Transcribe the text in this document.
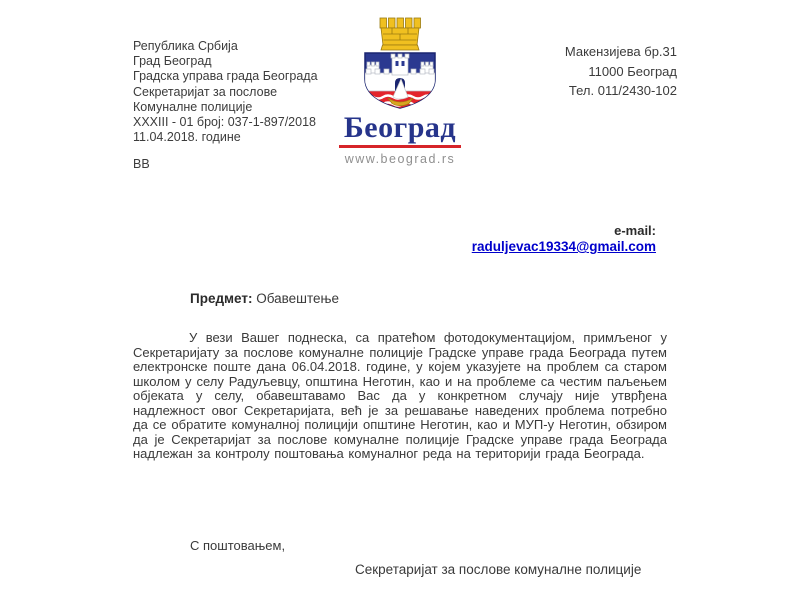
Република Србија
Град Београд
Градска управа града Београда
Секретаријат за послове
Комуналне полиције
XXXIII - 01 број: 037-1-897/2018
11.04.2018. године
ВВ
Београд
www.beograd.rs
Макензијева бр.31
11000 Београд
Тел. 011/2430-102
e-mail:
raduljevac19334@gmail.com
Предмет: Обавештење

У вези Вашег поднеска, са пратећом фотодокументацијом, примљеног у Секретаријату за послове комуналне полиције Градске управе града Београда путем електронске поште дана 06.04.2018. године, у којем указујете на проблем са старом школом у селу Радуљевцу, општина Неготин, као и на проблеме са честим паљењем објеката у селу, обавештавамо Вас да у конкретном случају није утврђена надлежност овог Секретаријата, већ је за решавање наведених проблема потребно да се обратите комуналној полицији општине Неготин, као и МУП-у Неготин, обзиром да је Секретаријат за послове комуналне полиције Градске управе града Београда надлежан за контролу поштовања комуналног реда на територији града Београда.

С поштовањем,
Секретаријат за послове комуналне полиције
